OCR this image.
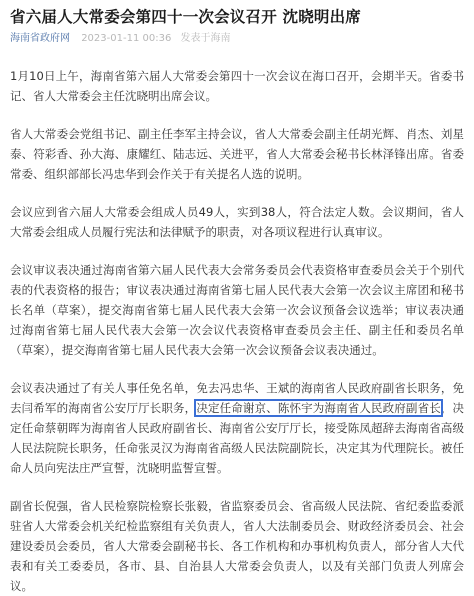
省六届人大常委会第四十一次会议召开 沈晓明出席
海南省政府网 2023-01-11 00:36 发表于海南

1月10日上午，海南省第六届人大常委会第四十一次会议在海口召开，会期半天。省委书记、省人大常委会主任沈晓明出席会议。

省人大常委会党组书记、副主任李军主持会议，省人大常委会副主任胡光辉、肖杰、刘星泰、符彩香、孙大海、康耀红、陆志远、关进平，省人大常委会秘书长林泽锋出席。省委常委、组织部部长冯忠华到会作关于有关提名人选的说明。

会议应到省六届人大常委会组成人员49人，实到38人，符合法定人数。会议期间，省人大常委会组成人员履行宪法和法律赋予的职责，对各项议程进行认真审议。

会议审议表决通过海南省第六届人民代表大会常务委员会代表资格审查委员会关于个别代表的代表资格的报告；审议表决通过海南省第七届人民代表大会第一次会议主席团和秘书长名单（草案），提交海南省第七届人民代表大会第一次会议预备会议选举；审议表决通过海南省第七届人民代表大会第一次会议代表资格审查委员会主任、副主任和委员名单（草案），提交海南省第七届人民代表大会第一次会议预备会议表决通过。

会议表决通过了有关人事任免名单，免去冯忠华、王斌的海南省人民政府副省长职务，免去闫希军的海南省公安厅厅长职务，决定任命谢京、陈怀宇为海南省人民政府副省长，决定任命蔡朝晖为海南省人民政府副省长、海南省公安厅厅长，接受陈凤超辞去海南省高级人民法院院长职务，任命张灵汉为海南省高级人民法院副院长，决定其为代理院长。被任命人员向宪法庄严宣誓，沈晓明监誓宣誓。

副省长倪强，省人民检察院检察长张毅，省监察委员会、省高级人民法院、省纪委监委派驻省人大常委会机关纪检监察组有关负责人，省人大法制委员会、财政经济委员会、社会建设委员会委员，省人大常委会副秘书长、各工作机构和办事机构负责人，部分省人大代表和有关工委委员，各市、县、自治县人大常委会负责人，以及有关部门负责人列席会议。
